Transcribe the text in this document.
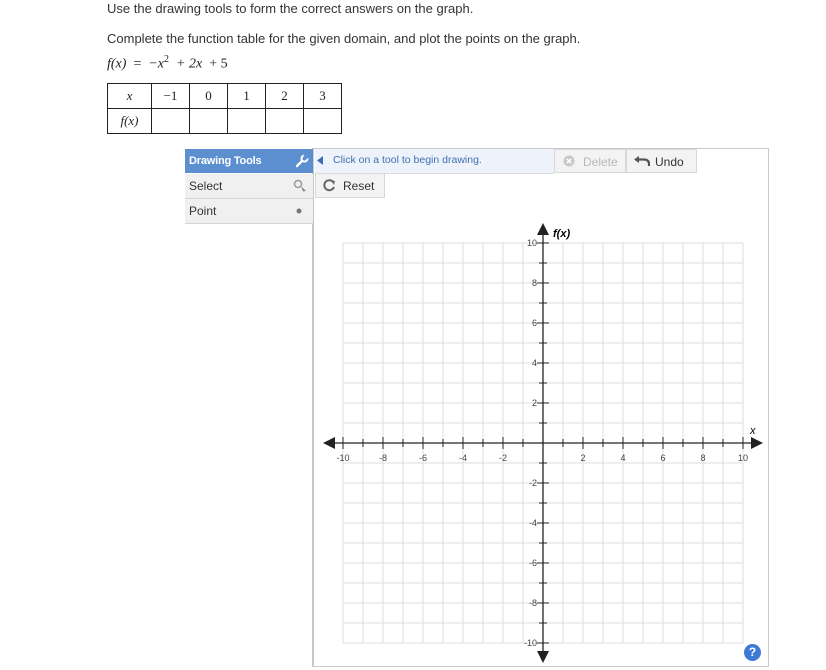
Use the drawing tools to form the correct answers on the graph.
Complete the function table for the given domain, and plot the points on the graph.
$f(x) = -x^2 + 2x + 5$
x	−1	0	1	2	3
f(x)					
Drawing Tools
Select
Point
Click on a tool to begin drawing.	Delete	Undo
Reset
-10	-8	-6	-4	-2	2	4	6	8	10
10
8
6
4
2
-2
-4
-6
-8
-10
x
f(x)
?
